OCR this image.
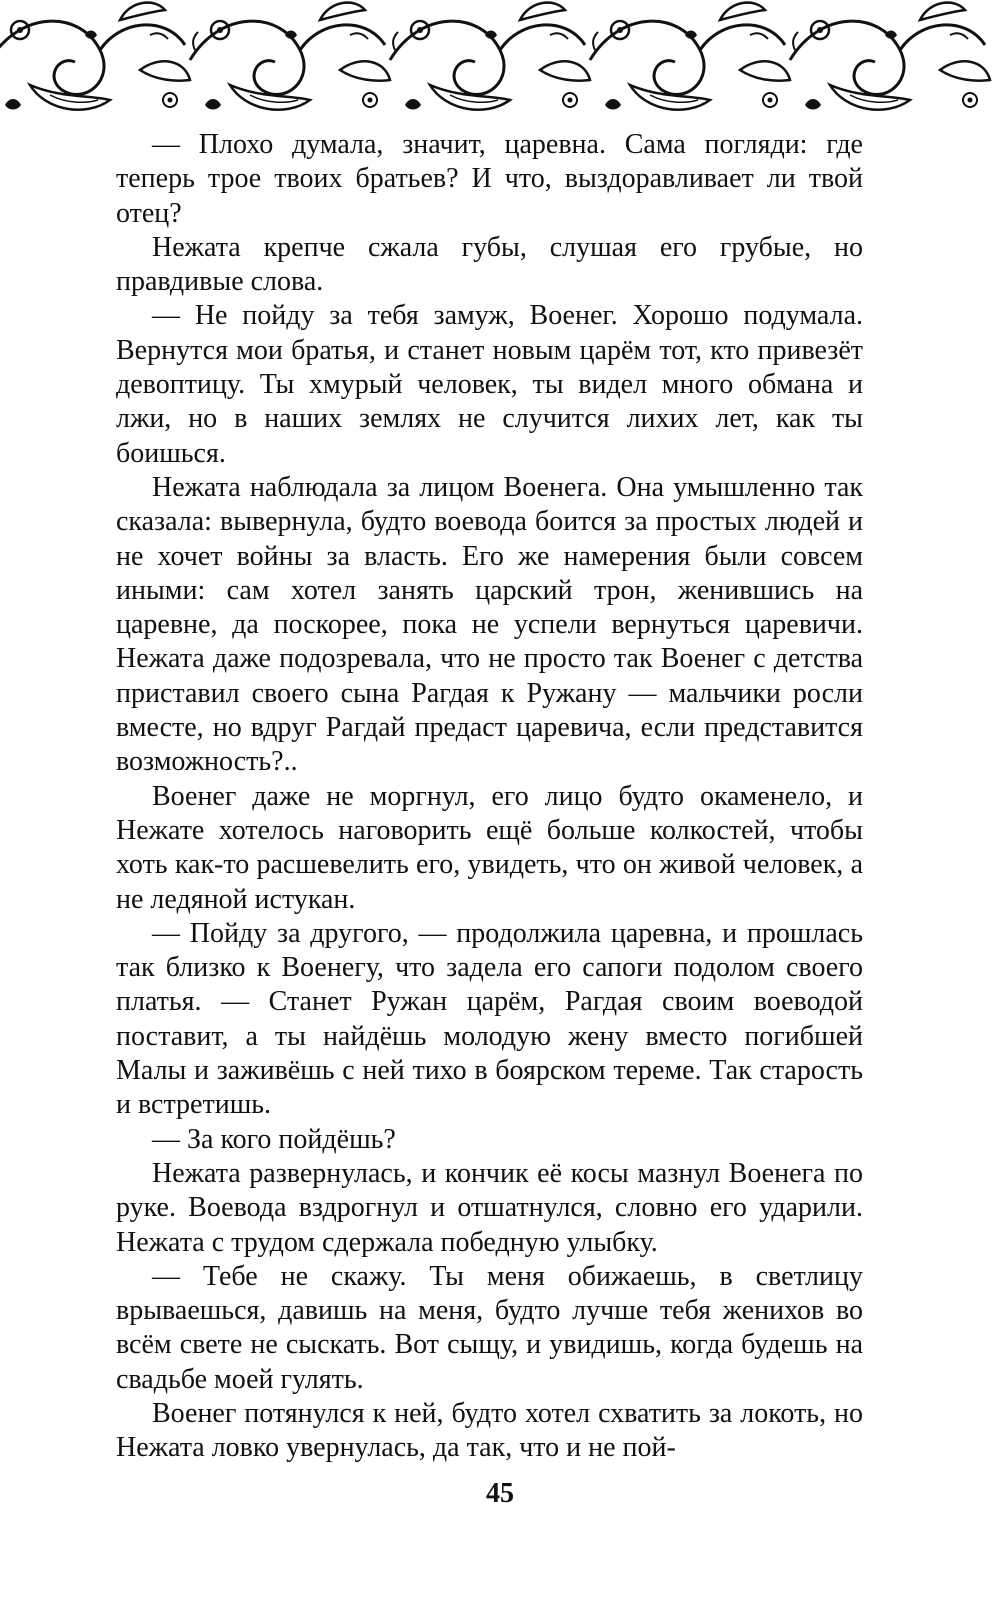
— Плохо думала, значит, царевна. Сама погляди: где теперь трое твоих братьев? И что, выздоравливает ли твой отец?

Нежата крепче сжала губы, слушая его грубые, но правдивые слова.

— Не пойду за тебя замуж, Военег. Хорошо подумала. Вернутся мои братья, и станет новым царём тот, кто привезёт девоптицу. Ты хмурый человек, ты видел много обмана и лжи, но в наших землях не случится лихих лет, как ты боишься.

Нежата наблюдала за лицом Военега. Она умышленно так сказала: вывернула, будто воевода боится за простых людей и не хочет войны за власть. Его же намерения были совсем иными: сам хотел занять царский трон, женившись на царевне, да поскорее, пока не успели вернуться царевичи. Нежата даже подозревала, что не просто так Военег с детства приставил своего сына Рагдая к Ружану — мальчики росли вместе, но вдруг Рагдай предаст царевича, если представится возможность?..

Военег даже не моргнул, его лицо будто окаменело, и Нежате хотелось наговорить ещё больше колкостей, чтобы хоть как-то расшевелить его, увидеть, что он живой человек, а не ледяной истукан.

— Пойду за другого, — продолжила царевна, и прошлась так близко к Военегу, что задела его сапоги подолом своего платья. — Станет Ружан царём, Рагдая своим воеводой поставит, а ты найдёшь молодую жену вместо погибшей Малы и заживёшь с ней тихо в боярском тереме. Так старость и встретишь.

— За кого пойдёшь?

Нежата развернулась, и кончик её косы мазнул Военега по руке. Воевода вздрогнул и отшатнулся, словно его ударили. Нежата с трудом сдержала победную улыбку.

— Тебе не скажу. Ты меня обижаешь, в светлицу врываешься, давишь на меня, будто лучше тебя женихов во всём свете не сыскать. Вот сыщу, и увидишь, когда будешь на свадьбе моей гулять.

Военег потянулся к ней, будто хотел схватить за локоть, но Нежата ловко увернулась, да так, что и не пой-

45
